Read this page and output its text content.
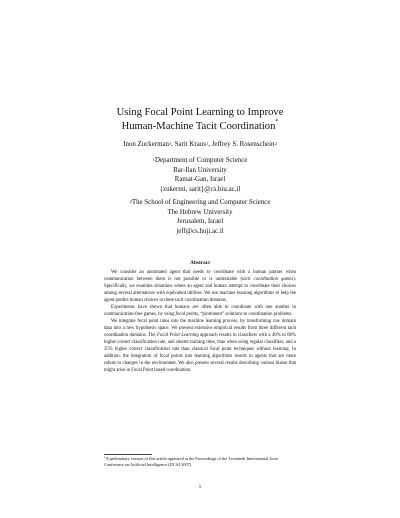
Using Focal Point Learning to Improve
Human-Machine Tacit Coordination*
Inon Zuckerman$^1$, Sarit Kraus$^1$, Jeffrey S. Rosenschein$^2$
$^1$Department of Computer Science
Bar-Ilan University
Ramat-Gan, Israel
{zukermi, sarit}@cs.biu.ac.il
$^2$The School of Engineering and Computer Science
The Hebrew University
Jerusalem, Israel
jeff@cs.huji.ac.il
Abstract

We consider an automated agent that needs to coordinate with a human partner when communication between them is not possible or is undesirable (tacit coordination games). Specifically, we examine situations where an agent and human attempt to coordinate their choices among several alternatives with equivalent utilities. We use machine learning algorithms to help the agent predict human choices in these tacit coordination domains.

Experiments have shown that humans are often able to coordinate with one another in communication-free games, by using focal points, “prominent” solutions to coordination problems.

We integrate focal point rules into the machine learning process, by transforming raw domain data into a new hypothesis space. We present extensive empirical results from three different tacit coordination domains. The Focal Point Learning approach results in classifiers with a 40% to 80% higher correct classification rate, and shorter training time, than when using regular classifiers, and a 35% higher correct classification rate than classical focal point techniques without learning. In addition, the integration of focal points into learning algorithms results in agents that are more robust to changes in the environment. We also present several results describing various biases that might arise in Focal Point based coordination.

*A preliminary version of this article appeared at the Proceedings of the Twentieth International Joint Conference on Artificial Intelligence (IJCAI 2007).
1
